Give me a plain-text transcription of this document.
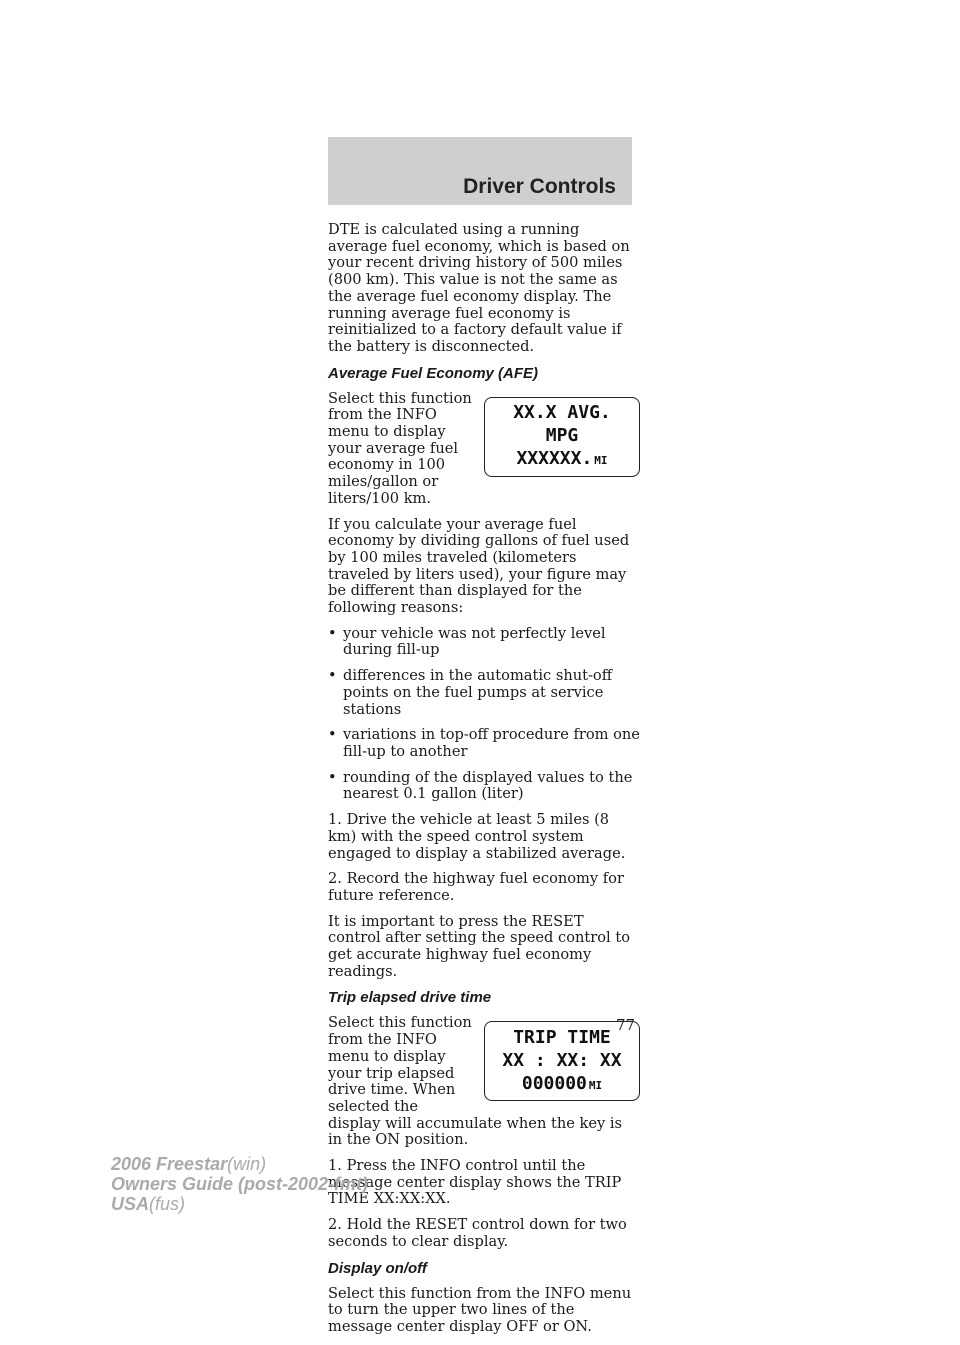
Driver Controls

DTE is calculated using a running average fuel economy, which is based on your recent driving history of 500 miles (800 km). This value is not the same as the average fuel economy display. The running average fuel economy is reinitialized to a factory default value if the battery is disconnected.

Average Fuel Economy (AFE)
XX.X AVG.
MPG
XXXXXX. MI

Select this function from the INFO menu to display your average fuel economy in 100 miles/gallon or liters/100 km.

If you calculate your average fuel economy by dividing gallons of fuel used by 100 miles traveled (kilometers traveled by liters used), your figure may be different than displayed for the following reasons:

• your vehicle was not perfectly level during fill-up
• differences in the automatic shut-off points on the fuel pumps at service stations
• variations in top-off procedure from one fill-up to another
• rounding of the displayed values to the nearest 0.1 gallon (liter)

1. Drive the vehicle at least 5 miles (8 km) with the speed control system engaged to display a stabilized average.

2. Record the highway fuel economy for future reference.

It is important to press the RESET control after setting the speed control to get accurate highway fuel economy readings.

Trip elapsed drive time
TRIP TIME
XX : XX: XX
000000 MI

Select this function from the INFO menu to display your trip elapsed drive time. When selected the display will accumulate when the key is in the ON position.

1. Press the INFO control until the message center display shows the TRIP TIME XX:XX:XX.

2. Hold the RESET control down for two seconds to clear display.

Display on/off

Select this function from the INFO menu to turn the upper two lines of the message center display OFF or ON.

77
2006 Freestar(win)
Owners Guide (post-2002-fmt)
USA(fus)
